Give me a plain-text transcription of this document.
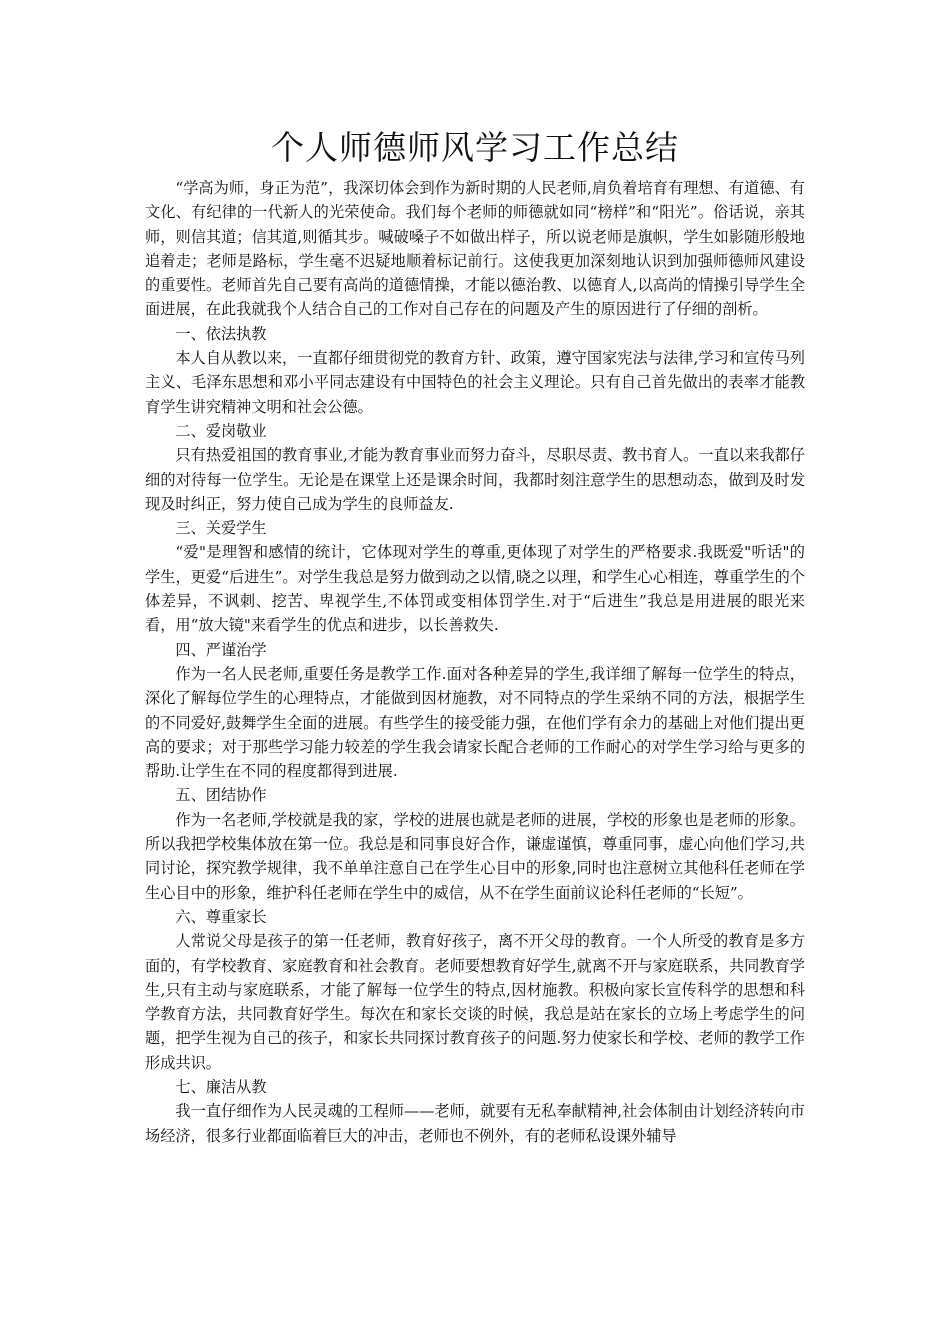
个人师德师风学习工作总结

“学高为师，身正为范”，我深切体会到作为新时期的人民老师,肩负着培育有理想、有道德、有文化、有纪律的一代新人的光荣使命。我们每个老师的师德就如同“榜样”和“阳光”。俗话说，亲其师，则信其道；信其道,则循其步。喊破嗓子不如做出样子，所以说老师是旗帜，学生如影随形般地追着走；老师是路标，学生毫不迟疑地顺着标记前行。这使我更加深刻地认识到加强师德师风建设的重要性。老师首先自己要有高尚的道德情操，才能以德治教、以德育人,以高尚的情操引导学生全面进展，在此我就我个人结合自己的工作对自己存在的问题及产生的原因进行了仔细的剖析。

一、依法执教

本人自从教以来，一直都仔细贯彻党的教育方针、政策，遵守国家宪法与法律,学习和宣传马列主义、毛泽东思想和邓小平同志建设有中国特色的社会主义理论。只有自己首先做出的表率才能教育学生讲究精神文明和社会公德。

二、爱岗敬业

只有热爱祖国的教育事业,才能为教育事业而努力奋斗，尽职尽责、教书育人。一直以来我都仔细的对待每一位学生。无论是在课堂上还是课余时间，我都时刻注意学生的思想动态，做到及时发现及时纠正，努力使自己成为学生的良师益友.

三、关爱学生

“爱"是理智和感情的统计，它体现对学生的尊重,更体现了对学生的严格要求.我既爱"听话"的学生，更爱“后进生”。对学生我总是努力做到动之以情,晓之以理，和学生心心相连，尊重学生的个体差异，不讽刺、挖苦、卑视学生,不体罚或变相体罚学生.对于“后进生”我总是用进展的眼光来看，用“放大镜"来看学生的优点和进步，以长善救失.

四、严谨治学

作为一名人民老师,重要任务是教学工作.面对各种差异的学生,我详细了解每一位学生的特点，深化了解每位学生的心理特点，才能做到因材施教，对不同特点的学生采纳不同的方法，根据学生的不同爱好,鼓舞学生全面的进展。有些学生的接受能力强，在他们学有余力的基础上对他们提出更高的要求；对于那些学习能力较差的学生我会请家长配合老师的工作耐心的对学生学习给与更多的帮助.让学生在不同的程度都得到进展.

五、团结协作

作为一名老师,学校就是我的家，学校的进展也就是老师的进展，学校的形象也是老师的形象。所以我把学校集体放在第一位。我总是和同事良好合作，谦虚谨慎，尊重同事，虚心向他们学习,共同讨论，探究教学规律，我不单单注意自己在学生心目中的形象,同时也注意树立其他科任老师在学生心目中的形象，维护科任老师在学生中的威信，从不在学生面前议论科任老师的“长短”。

六、尊重家长

人常说父母是孩子的第一任老师，教育好孩子，离不开父母的教育。一个人所受的教育是多方面的，有学校教育、家庭教育和社会教育。老师要想教育好学生,就离不开与家庭联系，共同教育学生,只有主动与家庭联系，才能了解每一位学生的特点,因材施教。积极向家长宣传科学的思想和科学教育方法，共同教育好学生。每次在和家长交谈的时候，我总是站在家长的立场上考虑学生的问题，把学生视为自己的孩子，和家长共同探讨教育孩子的问题.努力使家长和学校、老师的教学工作形成共识。

七、廉洁从教

我一直仔细作为人民灵魂的工程师——老师，就要有无私奉献精神,社会体制由计划经济转向市场经济，很多行业都面临着巨大的冲击，老师也不例外，有的老师私设课外辅导
